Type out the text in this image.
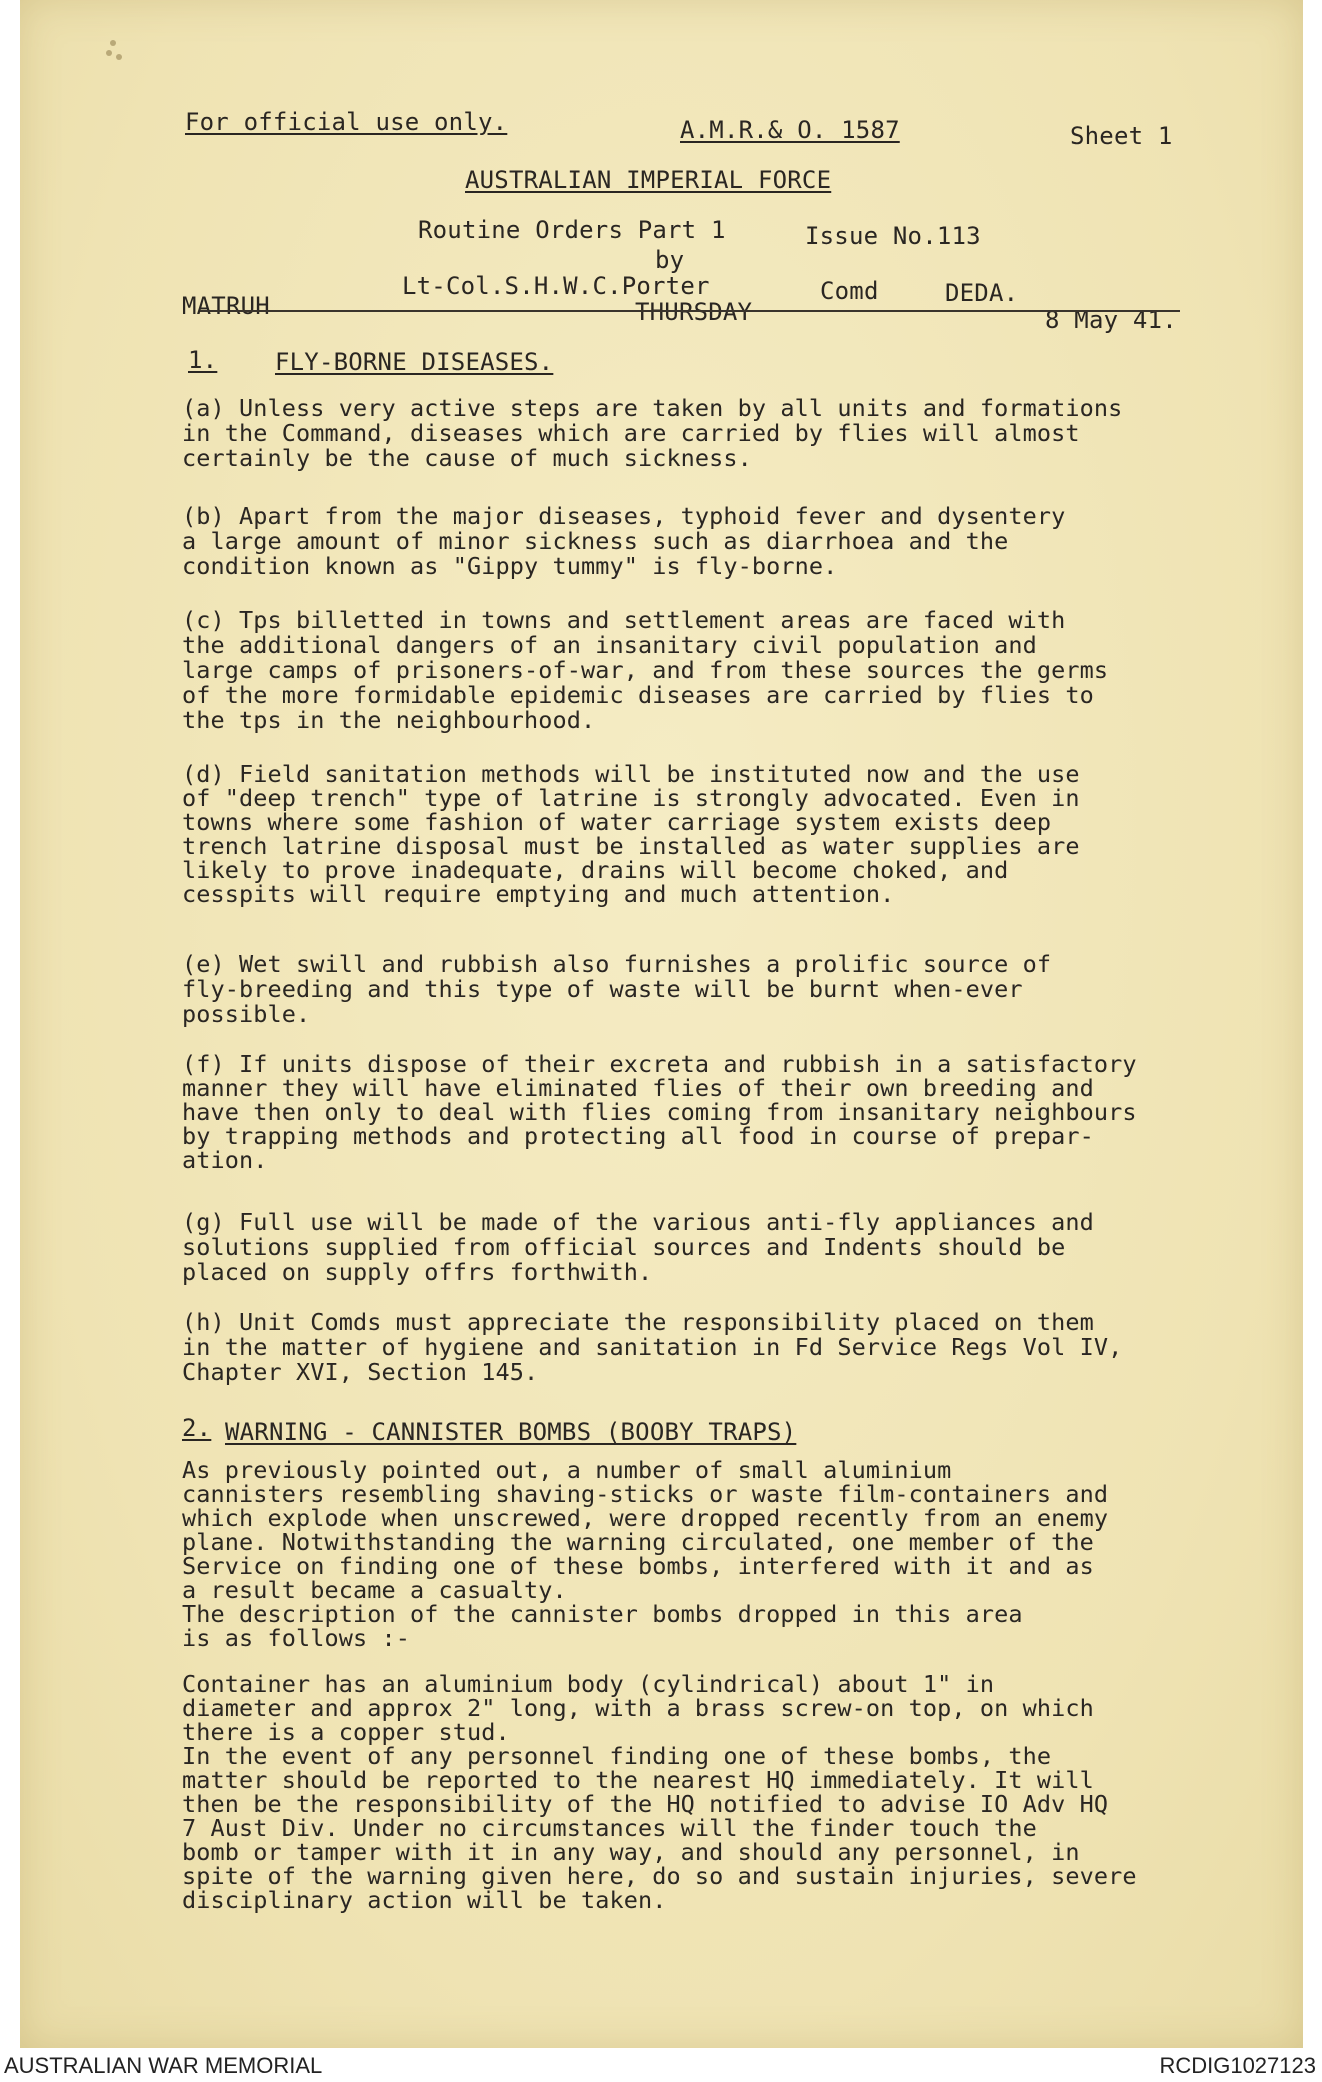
For official use only.	A.M.R.& O. 1587	Sheet 1
AUSTRALIAN IMPERIAL FORCE
Routine Orders Part 1	Issue No.113
by
Lt-Col.S.H.W.C.Porter	Comd	DEDA.
MATRUH	THURSDAY	8 May 41.
1. FLY-BORNE DISEASES.

(a) Unless very active steps are taken by all units and formations
in the Command, diseases which are carried by flies will almost
certainly be the cause of much sickness.

(b) Apart from the major diseases, typhoid fever and dysentery
a large amount of minor sickness such as diarrhoea and the
condition known as "Gippy tummy" is fly-borne.

(c) Tps billetted in towns and settlement areas are faced with
the additional dangers of an insanitary civil population and
large camps of prisoners-of-war, and from these sources the germs
of the more formidable epidemic diseases are carried by flies to
the tps in the neighbourhood.

(d) Field sanitation methods will be instituted now and the use
of "deep trench" type of latrine is strongly advocated. Even in
towns where some fashion of water carriage system exists deep
trench latrine disposal must be installed as water supplies are
likely to prove inadequate, drains will become choked, and
cesspits will require emptying and much attention.

(e) Wet swill and rubbish also furnishes a prolific source of
fly-breeding and this type of waste will be burnt when-ever
possible.

(f) If units dispose of their excreta and rubbish in a satisfactory
manner they will have eliminated flies of their own breeding and
have then only to deal with flies coming from insanitary neighbours
by trapping methods and protecting all food in course of prepar-
ation.

(g) Full use will be made of the various anti-fly appliances and
solutions supplied from official sources and Indents should be
placed on supply offrs forthwith.

(h) Unit Comds must appreciate the responsibility placed on them
in the matter of hygiene and sanitation in Fd Service Regs Vol IV,
Chapter XVI, Section 145.

2. WARNING - CANNISTER BOMBS (BOOBY TRAPS)

As previously pointed out, a number of small aluminium
cannisters resembling shaving-sticks or waste film-containers and
which explode when unscrewed, were dropped recently from an enemy
plane. Notwithstanding the warning circulated, one member of the
Service on finding one of these bombs, interfered with it and as
a result became a casualty.
The description of the cannister bombs dropped in this area
is as follows :-

Container has an aluminium body (cylindrical) about 1" in
diameter and approx 2" long, with a brass screw-on top, on which
there is a copper stud.
In the event of any personnel finding one of these bombs, the
matter should be reported to the nearest HQ immediately. It will
then be the responsibility of the HQ notified to advise IO Adv HQ
7 Aust Div. Under no circumstances will the finder touch the
bomb or tamper with it in any way, and should any personnel, in
spite of the warning given here, do so and sustain injuries, severe
disciplinary action will be taken.

AUSTRALIAN WAR MEMORIAL	RCDIG1027123
